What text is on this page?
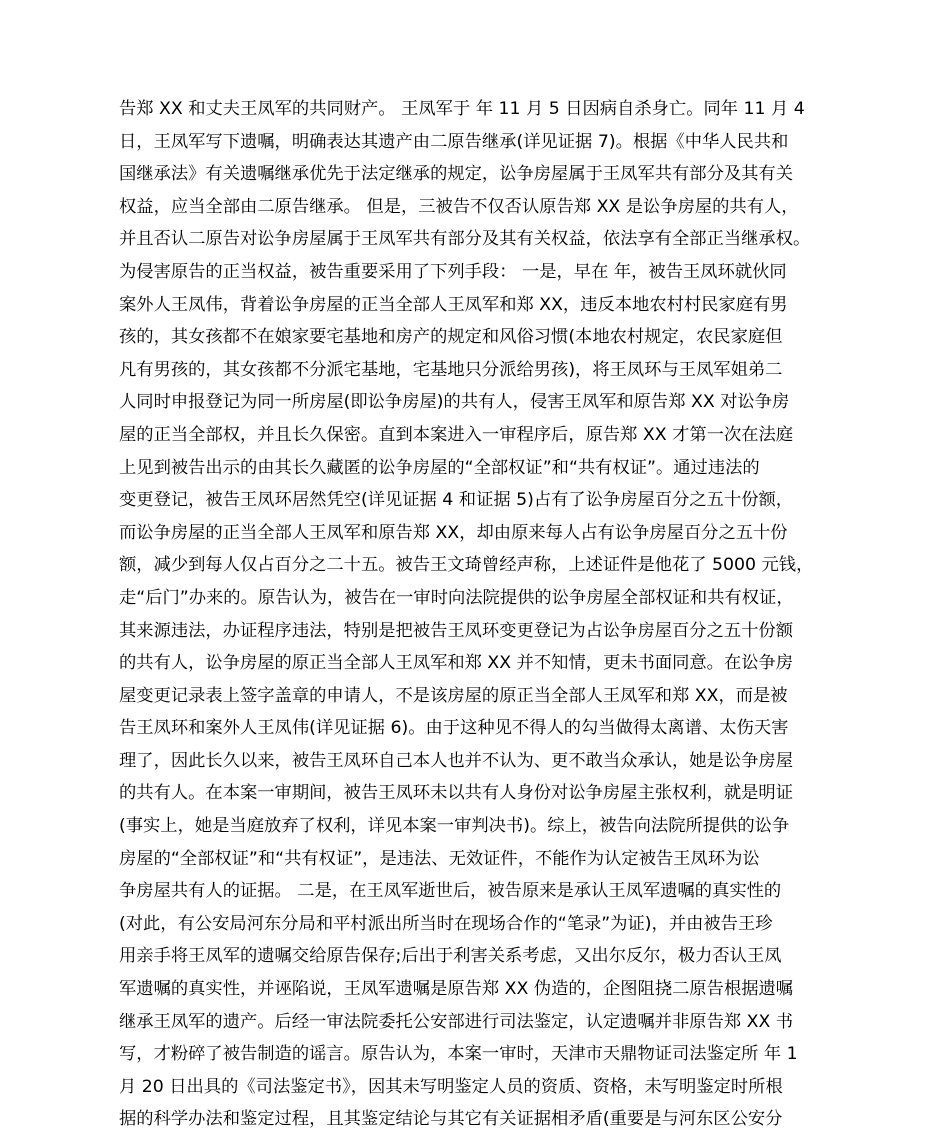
告郑 XX 和丈夫王凤军的共同财产。 王凤军于 年 11 月 5 日因病自杀身亡。同年 11 月 4
日，王凤军写下遗嘱，明确表达其遗产由二原告继承(详见证据 7)。根据《中华人民共和
国继承法》有关遗嘱继承优先于法定继承的规定，讼争房屋属于王凤军共有部分及其有关
权益，应当全部由二原告继承。 但是，三被告不仅否认原告郑 XX 是讼争房屋的共有人，
并且否认二原告对讼争房屋属于王凤军共有部分及其有关权益，依法享有全部正当继承权。
为侵害原告的正当权益，被告重要采用了下列手段： 一是，早在 年，被告王凤环就伙同
案外人王凤伟，背着讼争房屋的正当全部人王凤军和郑 XX，违反本地农村村民家庭有男
孩的，其女孩都不在娘家要宅基地和房产的规定和风俗习惯(本地农村规定，农民家庭但
凡有男孩的，其女孩都不分派宅基地，宅基地只分派给男孩)，将王凤环与王凤军姐弟二
人同时申报登记为同一所房屋(即讼争房屋)的共有人，侵害王凤军和原告郑 XX 对讼争房
屋的正当全部权，并且长久保密。直到本案进入一审程序后，原告郑 XX 才第一次在法庭
上见到被告出示的由其长久藏匿的讼争房屋的“全部权证”和“共有权证”。通过违法的
变更登记，被告王凤环居然凭空(详见证据 4 和证据 5)占有了讼争房屋百分之五十份额，
而讼争房屋的正当全部人王凤军和原告郑 XX，却由原来每人占有讼争房屋百分之五十份
额，减少到每人仅占百分之二十五。被告王文琦曾经声称，上述证件是他花了 5000 元钱，
走“后门”办来的。原告认为，被告在一审时向法院提供的讼争房屋全部权证和共有权证，
其来源违法，办证程序违法，特别是把被告王凤环变更登记为占讼争房屋百分之五十份额
的共有人，讼争房屋的原正当全部人王凤军和郑 XX 并不知情，更未书面同意。在讼争房
屋变更记录表上签字盖章的申请人，不是该房屋的原正当全部人王凤军和郑 XX，而是被
告王凤环和案外人王凤伟(详见证据 6)。由于这种见不得人的勾当做得太离谱、太伤天害
理了，因此长久以来，被告王凤环自己本人也并不认为、更不敢当众承认，她是讼争房屋
的共有人。在本案一审期间，被告王凤环未以共有人身份对讼争房屋主张权利，就是明证
(事实上，她是当庭放弃了权利，详见本案一审判决书)。综上，被告向法院所提供的讼争
房屋的“全部权证”和“共有权证”，是违法、无效证件，不能作为认定被告王凤环为讼
争房屋共有人的证据。 二是，在王凤军逝世后，被告原来是承认王凤军遗嘱的真实性的
(对此，有公安局河东分局和平村派出所当时在现场合作的“笔录”为证)，并由被告王珍
用亲手将王凤军的遗嘱交给原告保存;后出于利害关系考虑，又出尔反尔，极力否认王凤
军遗嘱的真实性，并诬陷说，王凤军遗嘱是原告郑 XX 伪造的，企图阻挠二原告根据遗嘱
继承王凤军的遗产。后经一审法院委托公安部进行司法鉴定，认定遗嘱并非原告郑 XX 书
写，才粉碎了被告制造的谣言。原告认为，本案一审时，天津市天鼎物证司法鉴定所 年 1
月 20 日出具的《司法鉴定书》，因其未写明鉴定人员的资质、资格，未写明鉴定时所根
据的科学办法和鉴定过程，且其鉴定结论与其它有关证据相矛盾(重要是与河东区公安分
